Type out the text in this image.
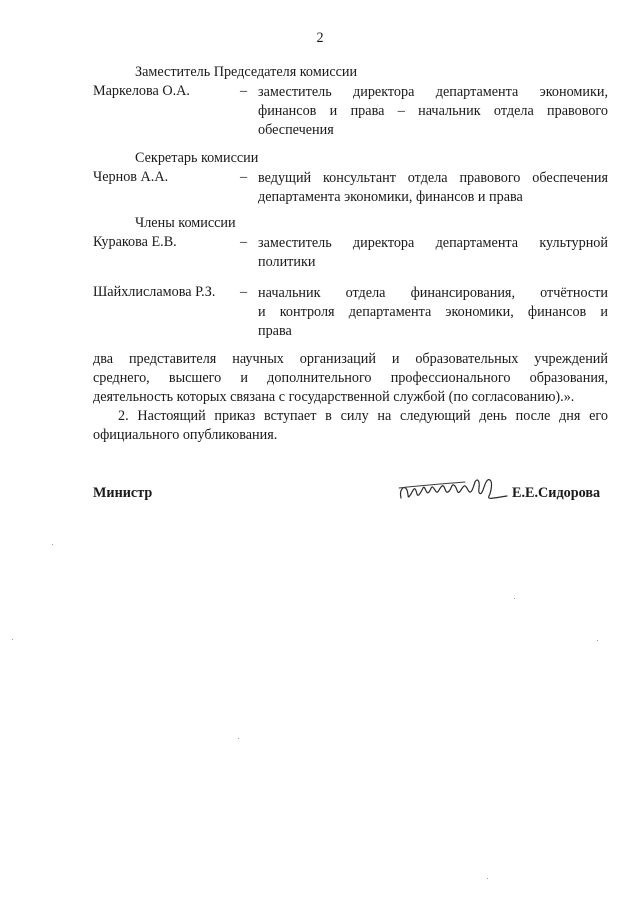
2
Заместитель Председателя комиссии
Маркелова О.А.	– заместитель директора департамента экономики,
финансов и права – начальник отдела правового
обеспечения
Секретарь комиссии
Чернов А.А.	– ведущий консультант отдела правового обеспечения
департамента экономики, финансов и права
Члены комиссии
Куракова Е.В.	– заместитель директора департамента культурной
политики
Шайхлисламова Р.З. – начальник отдела финансирования, отчётности
и контроля департамента экономики, финансов и
права
два представителя научных организаций и образовательных учреждений
среднего, высшего и дополнительного профессионального образования,
деятельность которых связана с государственной службой (по согласованию).».
2. Настоящий приказ вступает в силу на следующий день после дня его
официального опубликования.
Министр	Е.Е.Сидорова
